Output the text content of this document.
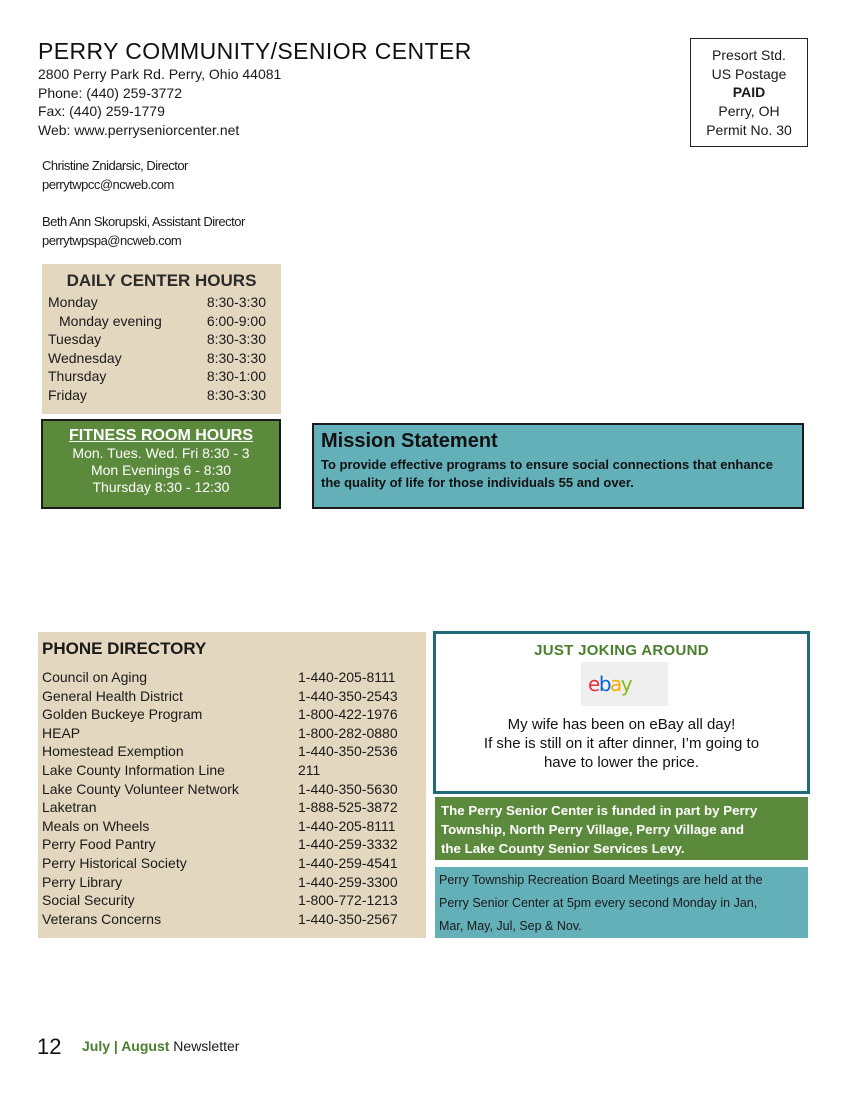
PERRY COMMUNITY/SENIOR CENTER
2800 Perry Park Rd. Perry, Ohio 44081
Phone: (440) 259-3772
Fax: (440) 259-1779
Web: www.perryseniorcenter.net
Presort Std.
US Postage
PAID
Perry, OH
Permit No. 30
Christine Znidarsic, Director
perrytwpcc@ncweb.com
Beth Ann Skorupski, Assistant Director
perrytwpspa@ncweb.com
DAILY CENTER HOURS
Monday	8:30-3:30
Monday evening	6:00-9:00
Tuesday	8:30-3:30
Wednesday	8:30-3:30
Thursday	8:30-1:00
Friday	8:30-3:30
FITNESS ROOM HOURS
Mon. Tues. Wed. Fri 8:30 - 3
Mon Evenings 6 - 8:30
Thursday 8:30 - 12:30
Mission Statement
To provide effective programs to ensure social connections that enhance the quality of life for those individuals 55 and over.
PHONE DIRECTORY
Council on Aging	1-440-205-8111
General Health District	1-440-350-2543
Golden Buckeye Program	1-800-422-1976
HEAP	1-800-282-0880
Homestead Exemption	1-440-350-2536
Lake County Information Line	211
Lake County Volunteer Network	1-440-350-5630
Laketran	1-888-525-3872
Meals on Wheels	1-440-205-8111
Perry Food Pantry	1-440-259-3332
Perry Historical Society	1-440-259-4541
Perry Library	1-440-259-3300
Social Security	1-800-772-1213
Veterans Concerns	1-440-350-2567
JUST JOKING AROUND
ebay
My wife has been on eBay all day!
If she is still on it after dinner, I’m going to
have to lower the price.
The Perry Senior Center is funded in part by Perry
Township, North Perry Village, Perry Village and
the Lake County Senior Services Levy.
Perry Township Recreation Board Meetings are held at the
Perry Senior Center at 5pm every second Monday in Jan,
Mar, May, Jul, Sep & Nov.
12 July | August Newsletter
